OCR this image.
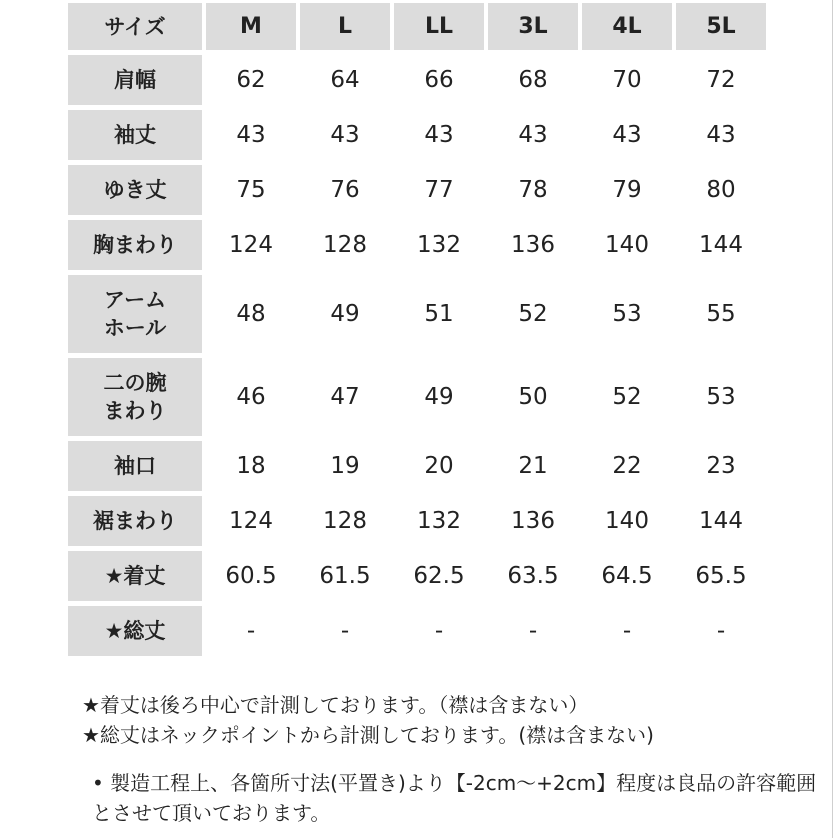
サイズ	M	L	LL	3L	4L	5L
肩幅	62	64	66	68	70	72
袖丈	43	43	43	43	43	43
ゆき丈	75	76	77	78	79	80
胸まわり	124	128	132	136	140	144
アーム
ホール	48	49	51	52	53	55
二の腕
まわり	46	47	49	50	52	53
袖口	18	19	20	21	22	23
裾まわり	124	128	132	136	140	144
★着丈	60.5	61.5	62.5	63.5	64.5	65.5
★総丈	-	-	-	-	-	-

★着丈は後ろ中心で計測しております。（襟は含まない）

★総丈はネックポイントから計測しております。(襟は含まない)

• 製造工程上、各箇所寸法(平置き)より【-2cm～+2cm】程度は良品の許容範囲とさせて頂いております。
